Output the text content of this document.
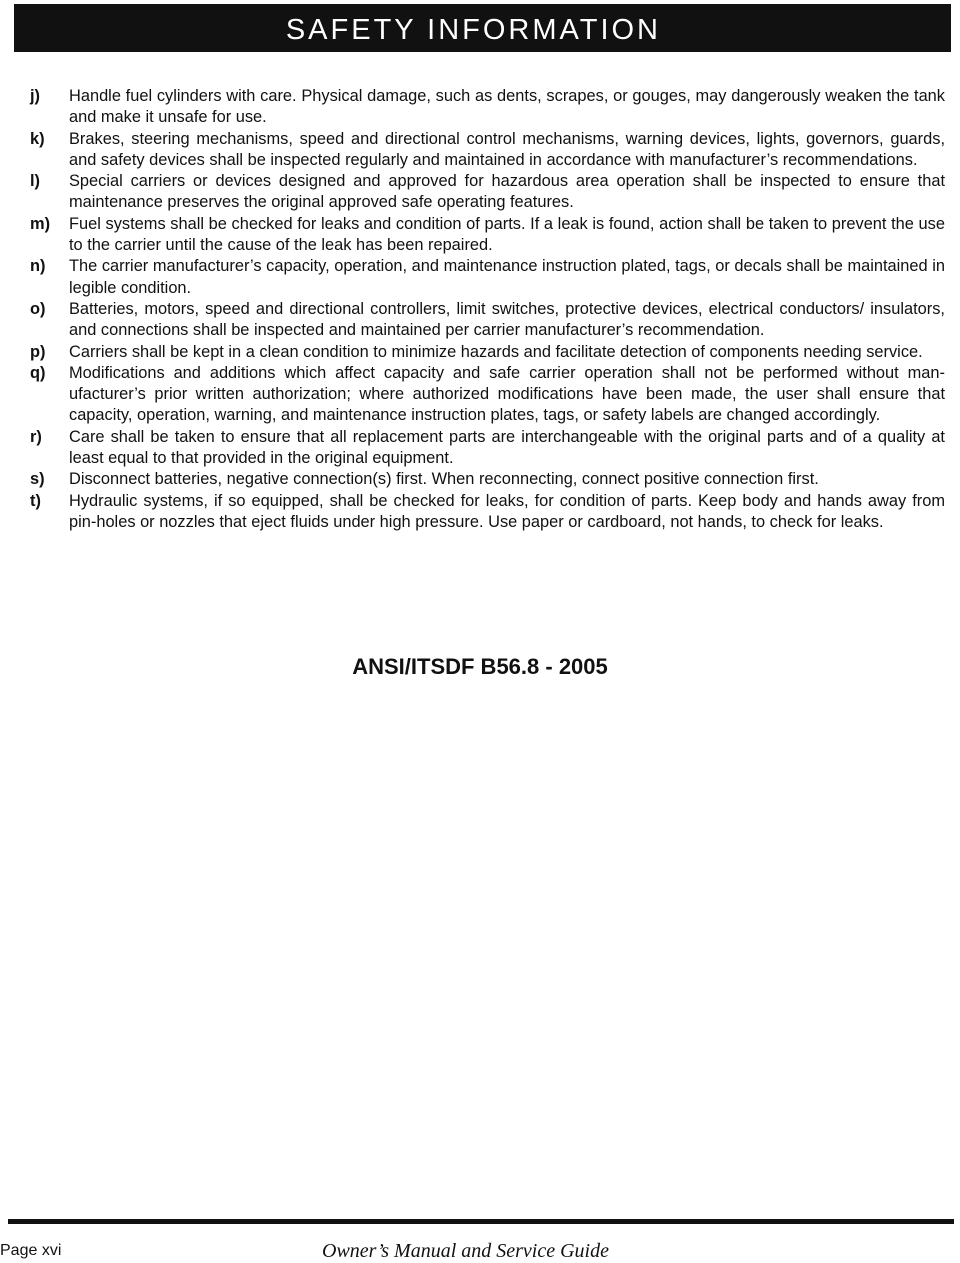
SAFETY INFORMATION
j)	Handle fuel cylinders with care. Physical damage, such as dents, scrapes, or gouges, may dangerously weaken the tank and make it unsafe for use.
k)	Brakes, steering mechanisms, speed and directional control mechanisms, warning devices, lights, governors, guards, and safety devices shall be inspected regularly and maintained in accordance with manufacturer’s recommendations.
l)	Special carriers or devices designed and approved for hazardous area operation shall be inspected to ensure that maintenance preserves the original approved safe operating features.
m)	Fuel systems shall be checked for leaks and condition of parts. If a leak is found, action shall be taken to prevent the use to the carrier until the cause of the leak has been repaired.
n)	The carrier manufacturer’s capacity, operation, and maintenance instruction plated, tags, or decals shall be maintained in legible condition.
o)	Batteries, motors, speed and directional controllers, limit switches, protective devices, electrical conductors/ insulators, and connections shall be inspected and maintained per carrier manufacturer’s recommendation.
p)	Carriers shall be kept in a clean condition to minimize hazards and facilitate detection of components needing service.
q)	Modifications and additions which affect capacity and safe carrier operation shall not be performed without manufacturer’s prior written authorization; where authorized modifications have been made, the user shall ensure that capacity, operation, warning, and maintenance instruction plates, tags, or safety labels are changed accordingly.
r)	Care shall be taken to ensure that all replacement parts are interchangeable with the original parts and of a quality at least equal to that provided in the original equipment.
s)	Disconnect batteries, negative connection(s) first. When reconnecting, connect positive connection first.
t)	Hydraulic systems, if so equipped, shall be checked for leaks, for condition of parts. Keep body and hands away from pin-holes or nozzles that eject fluids under high pressure. Use paper or cardboard, not hands, to check for leaks.
ANSI/ITSDF B56.8 - 2005
Page xvi	Owner’s Manual and Service Guide
